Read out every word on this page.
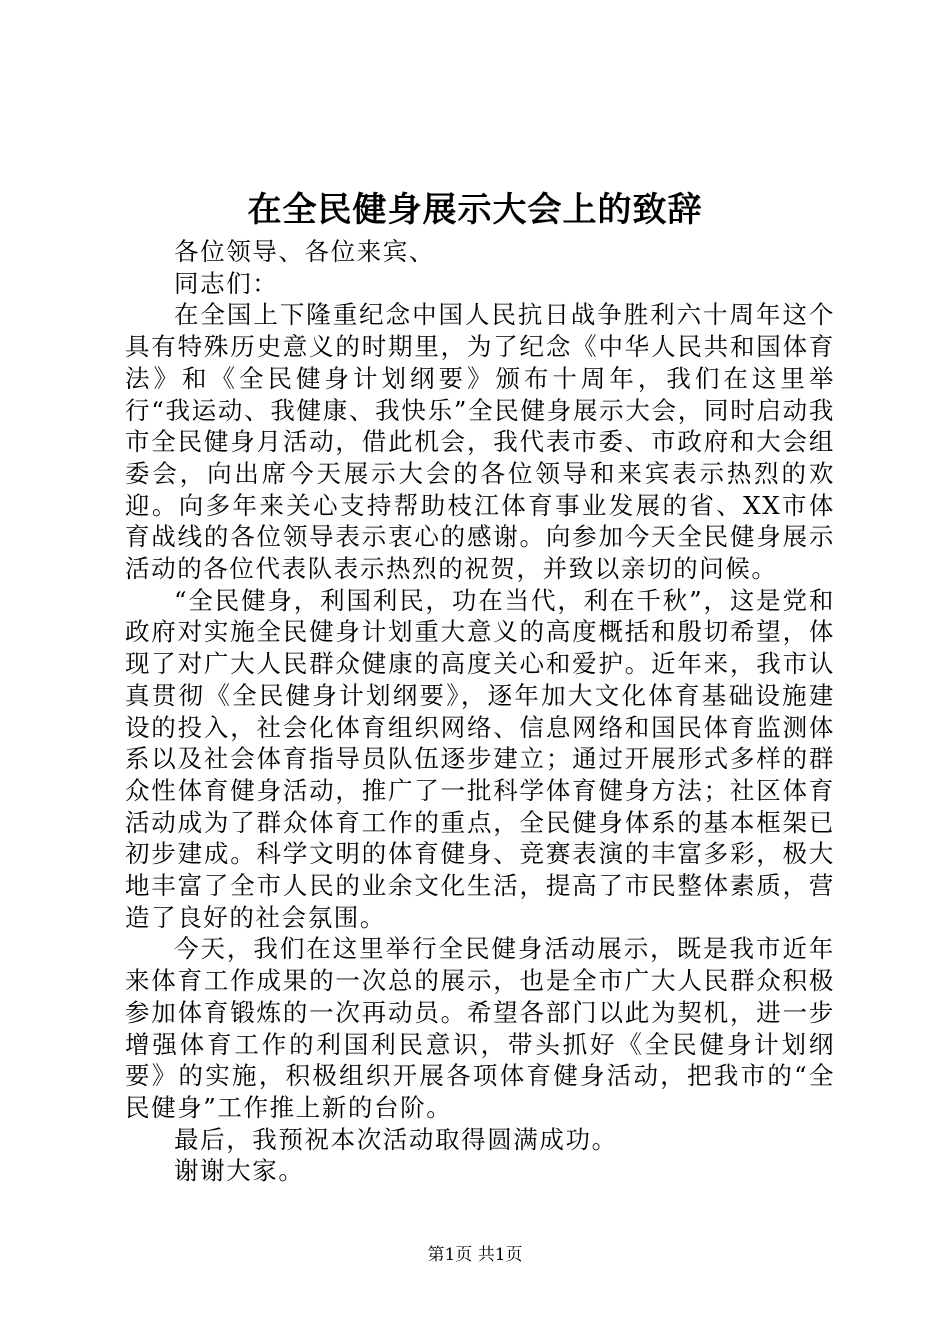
在全民健身展示大会上的致辞

各位领导、各位来宾、

同志们：

在全国上下隆重纪念中国人民抗日战争胜利六十周年这个具有特殊历史意义的时期里，为了纪念《中华人民共和国体育法》和《全民健身计划纲要》颁布十周年，我们在这里举行“我运动、我健康、我快乐”全民健身展示大会，同时启动我市全民健身月活动，借此机会，我代表市委、市政府和大会组委会，向出席今天展示大会的各位领导和来宾表示热烈的欢迎。向多年来关心支持帮助枝江体育事业发展的省、XX市体育战线的各位领导表示衷心的感谢。向参加今天全民健身展示活动的各位代表队表示热烈的祝贺，并致以亲切的问候。

“全民健身，利国利民，功在当代，利在千秋”，这是党和政府对实施全民健身计划重大意义的高度概括和殷切希望，体现了对广大人民群众健康的高度关心和爱护。近年来，我市认真贯彻《全民健身计划纲要》，逐年加大文化体育基础设施建设的投入，社会化体育组织网络、信息网络和国民体育监测体系以及社会体育指导员队伍逐步建立；通过开展形式多样的群众性体育健身活动，推广了一批科学体育健身方法；社区体育活动成为了群众体育工作的重点，全民健身体系的基本框架已初步建成。科学文明的体育健身、竞赛表演的丰富多彩，极大地丰富了全市人民的业余文化生活，提高了市民整体素质，营造了良好的社会氛围。

今天，我们在这里举行全民健身活动展示，既是我市近年来体育工作成果的一次总的展示，也是全市广大人民群众积极参加体育锻炼的一次再动员。希望各部门以此为契机，进一步增强体育工作的利国利民意识，带头抓好《全民健身计划纲要》的实施，积极组织开展各项体育健身活动，把我市的“全民健身”工作推上新的台阶。

最后，我预祝本次活动取得圆满成功。

谢谢大家。

第1页 共1页
